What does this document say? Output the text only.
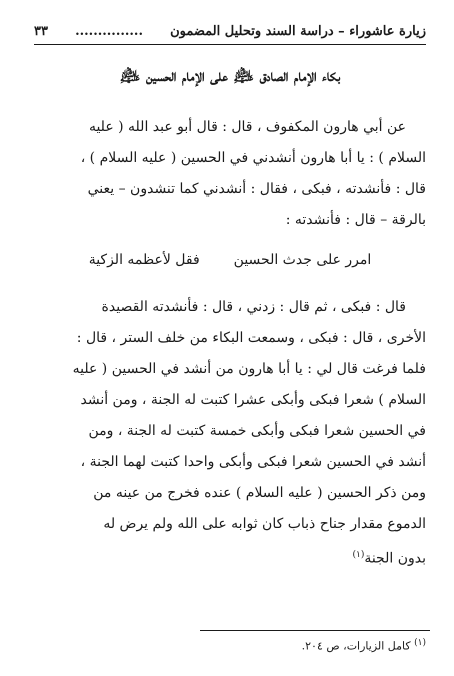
زيارة عاشوراء – دراسة السند وتحليل المضمون
...............
٣٣
بكاء الإمام الصادق ﵇ على الإمام الحسين ﵇
عن أبي هارون المكفوف ، قال : قال أبو عبد الله ( عليه
السلام ) : يا أبا هارون أنشدني في الحسين ( عليه السلام ) ،
قال : فأنشدته ، فبكى ، فقال : أنشدني كما تنشدون – يعني
بالرقة – قال : فأنشدته :
امرر على جدث الحسين
فقل لأعظمه الزكية
قال : فبكى ، ثم قال : زدني ، قال : فأنشدته القصيدة
الأخرى ، قال : فبكى ، وسمعت البكاء من خلف الستر ، قال :
فلما فرغت قال لي : يا أبا هارون من أنشد في الحسين ( عليه
السلام ) شعرا فبكى وأبكى عشرا كتبت له الجنة ، ومن أنشد
في الحسين شعرا فبكى وأبكى خمسة كتبت له الجنة ، ومن
أنشد في الحسين شعرا فبكى وأبكى واحدا كتبت لهما الجنة ،
ومن ذكر الحسين ( عليه السلام ) عنده فخرج من عينه من
الدموع مقدار جناح ذباب كان ثوابه على الله ولم يرض له
بدون الجنة$^{(١)}$
$^{(١)}$ كامل الزيارات، ص ٢٠٤.
